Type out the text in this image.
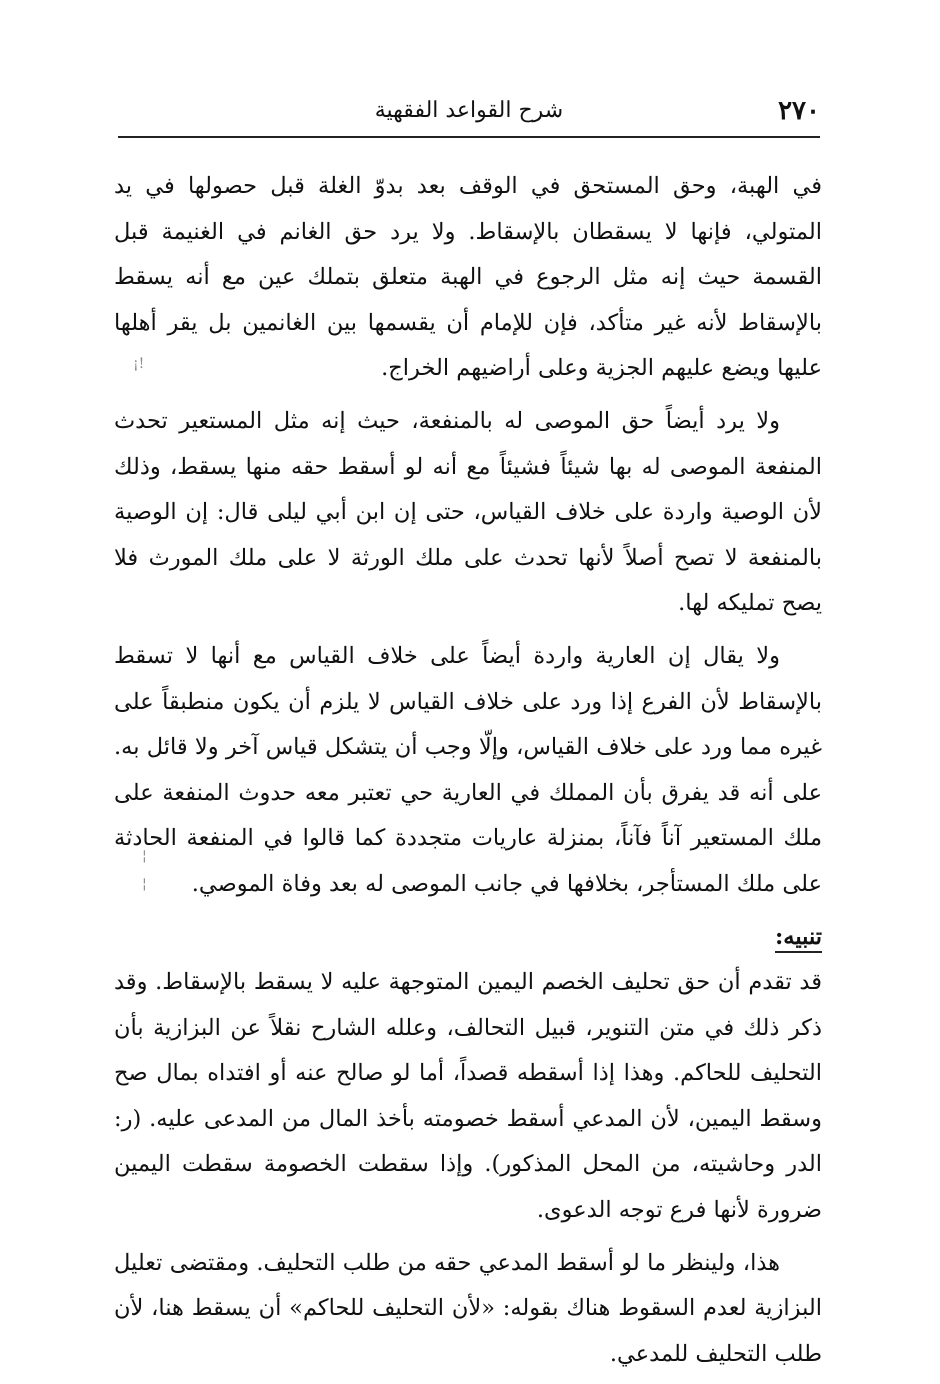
٢٧٠
شرح القواعد الفقهية

في الهبة، وحق المستحق في الوقف بعد بدوّ الغلة قبل حصولها في يد المتولي، فإنها لا يسقطان بالإسقاط. ولا يرد حق الغانم في الغنيمة قبل القسمة حيث إنه مثل الرجوع في الهبة متعلق بتملك عين مع أنه يسقط بالإسقاط لأنه غير متأكد، فإن للإمام أن يقسمها بين الغانمين بل يقر أهلها عليها ويضع عليهم الجزية وعلى أراضيهم الخراج.

ولا يرد أيضاً حق الموصى له بالمنفعة، حيث إنه مثل المستعير تحدث المنفعة الموصى له بها شيئاً فشيئاً مع أنه لو أسقط حقه منها يسقط، وذلك لأن الوصية واردة على خلاف القياس، حتى إن ابن أبي ليلى قال: إن الوصية بالمنفعة لا تصح أصلاً لأنها تحدث على ملك الورثة لا على ملك المورث فلا يصح تمليكه لها.

ولا يقال إن العارية واردة أيضاً على خلاف القياس مع أنها لا تسقط بالإسقاط لأن الفرع إذا ورد على خلاف القياس لا يلزم أن يكون منطبقاً على غيره مما ورد على خلاف القياس، وإلّا وجب أن يتشكل قياس آخر ولا قائل به. على أنه قد يفرق بأن المملك في العارية حي تعتبر معه حدوث المنفعة على ملك المستعير آناً فآناً، بمنزلة عاريات متجددة كما قالوا في المنفعة الحادثة على ملك المستأجر، بخلافها في جانب الموصى له بعد وفاة الموصي.

تنبيه:

قد تقدم أن حق تحليف الخصم اليمين المتوجهة عليه لا يسقط بالإسقاط. وقد ذكر ذلك في متن التنوير، قبيل التحالف، وعلله الشارح نقلاً عن البزازية بأن التحليف للحاكم. وهذا إذا أسقطه قصداً، أما لو صالح عنه أو افتداه بمال صح وسقط اليمين، لأن المدعي أسقط خصومته بأخذ المال من المدعى عليه. (ر: الدر وحاشيته، من المحل المذكور). وإذا سقطت الخصومة سقطت اليمين ضرورة لأنها فرع توجه الدعوى.

هذا، ولينظر ما لو أسقط المدعي حقه من طلب التحليف. ومقتضى تعليل البزازية لعدم السقوط هناك بقوله: «لأن التحليف للحاكم» أن يسقط هنا، لأن طلب التحليف للمدعي.

¡!
¦
¦
